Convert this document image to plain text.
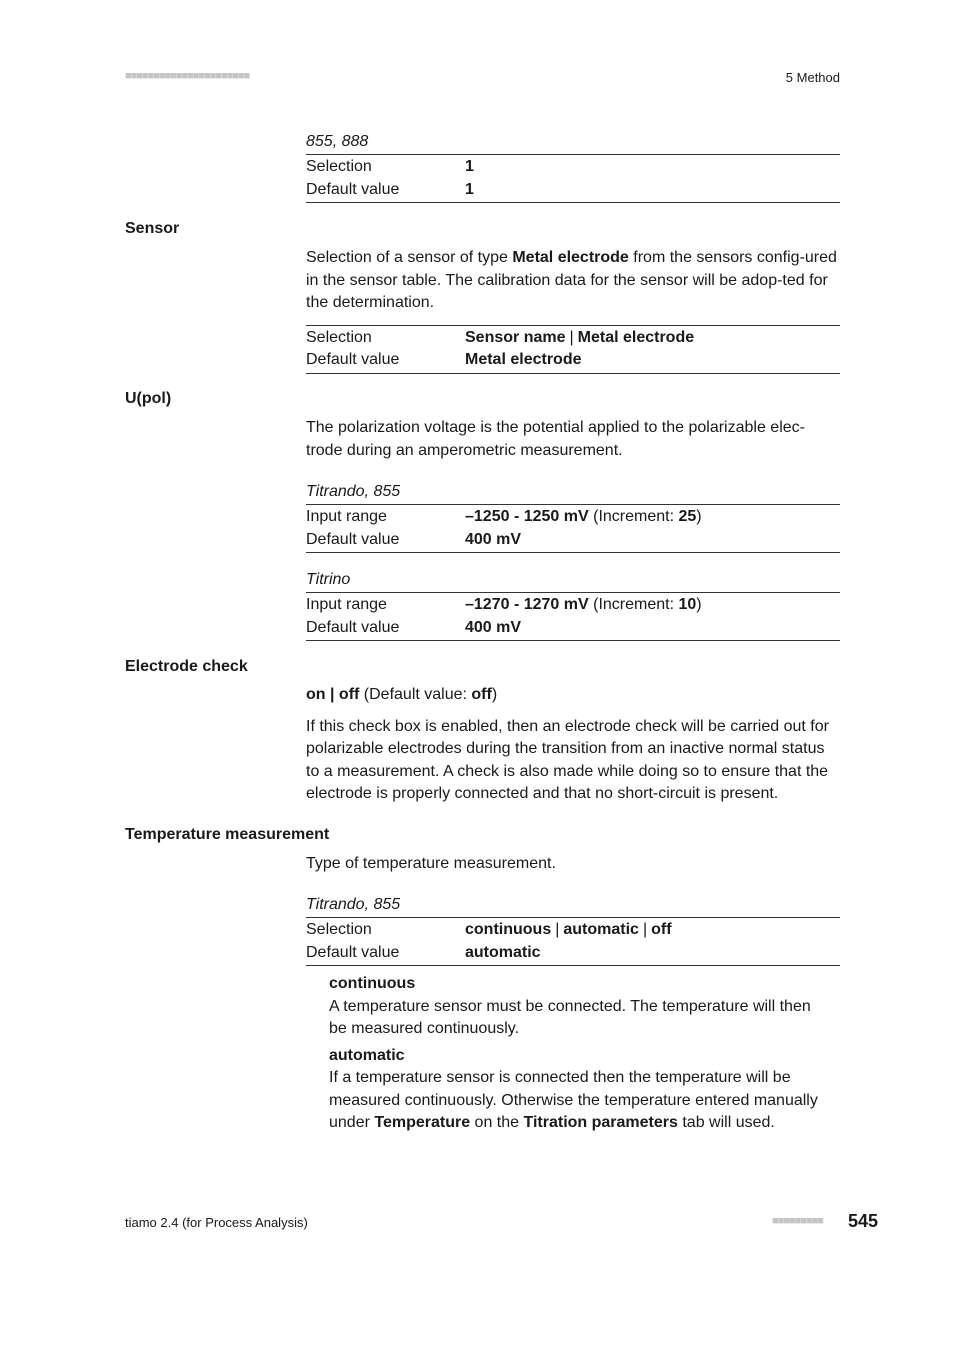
■■■■■■■■■■■■■■■■■■■■■■	5 Method
855, 888
Selection	1
Default value	1
Sensor

Selection of a sensor of type Metal electrode from the sensors config-ured in the sensor table. The calibration data for the sensor will be adop-ted for the determination.

Selection	Sensor name | Metal electrode
Default value	Metal electrode
U(pol)

The polarization voltage is the potential applied to the polarizable elec-trode during an amperometric measurement.

Titrando, 855
Input range	–1250 - 1250 mV (Increment: 25)
Default value	400 mV
Titrino
Input range	–1270 - 1270 mV (Increment: 10)
Default value	400 mV
Electrode check

on | off (Default value: off)

If this check box is enabled, then an electrode check will be carried out for polarizable electrodes during the transition from an inactive normal status to a measurement. A check is also made while doing so to ensure that the electrode is properly connected and that no short-circuit is present.

Temperature measurement

Type of temperature measurement.

Titrando, 855
Selection	continuous | automatic | off
Default value	automatic
continuous

A temperature sensor must be connected. The temperature will then be measured continuously.

automatic

If a temperature sensor is connected then the temperature will be measured continuously. Otherwise the temperature entered manually under Temperature on the Titration parameters tab will used.

tiamo 2.4 (for Process Analysis)	■■■■■■■■■ 545
